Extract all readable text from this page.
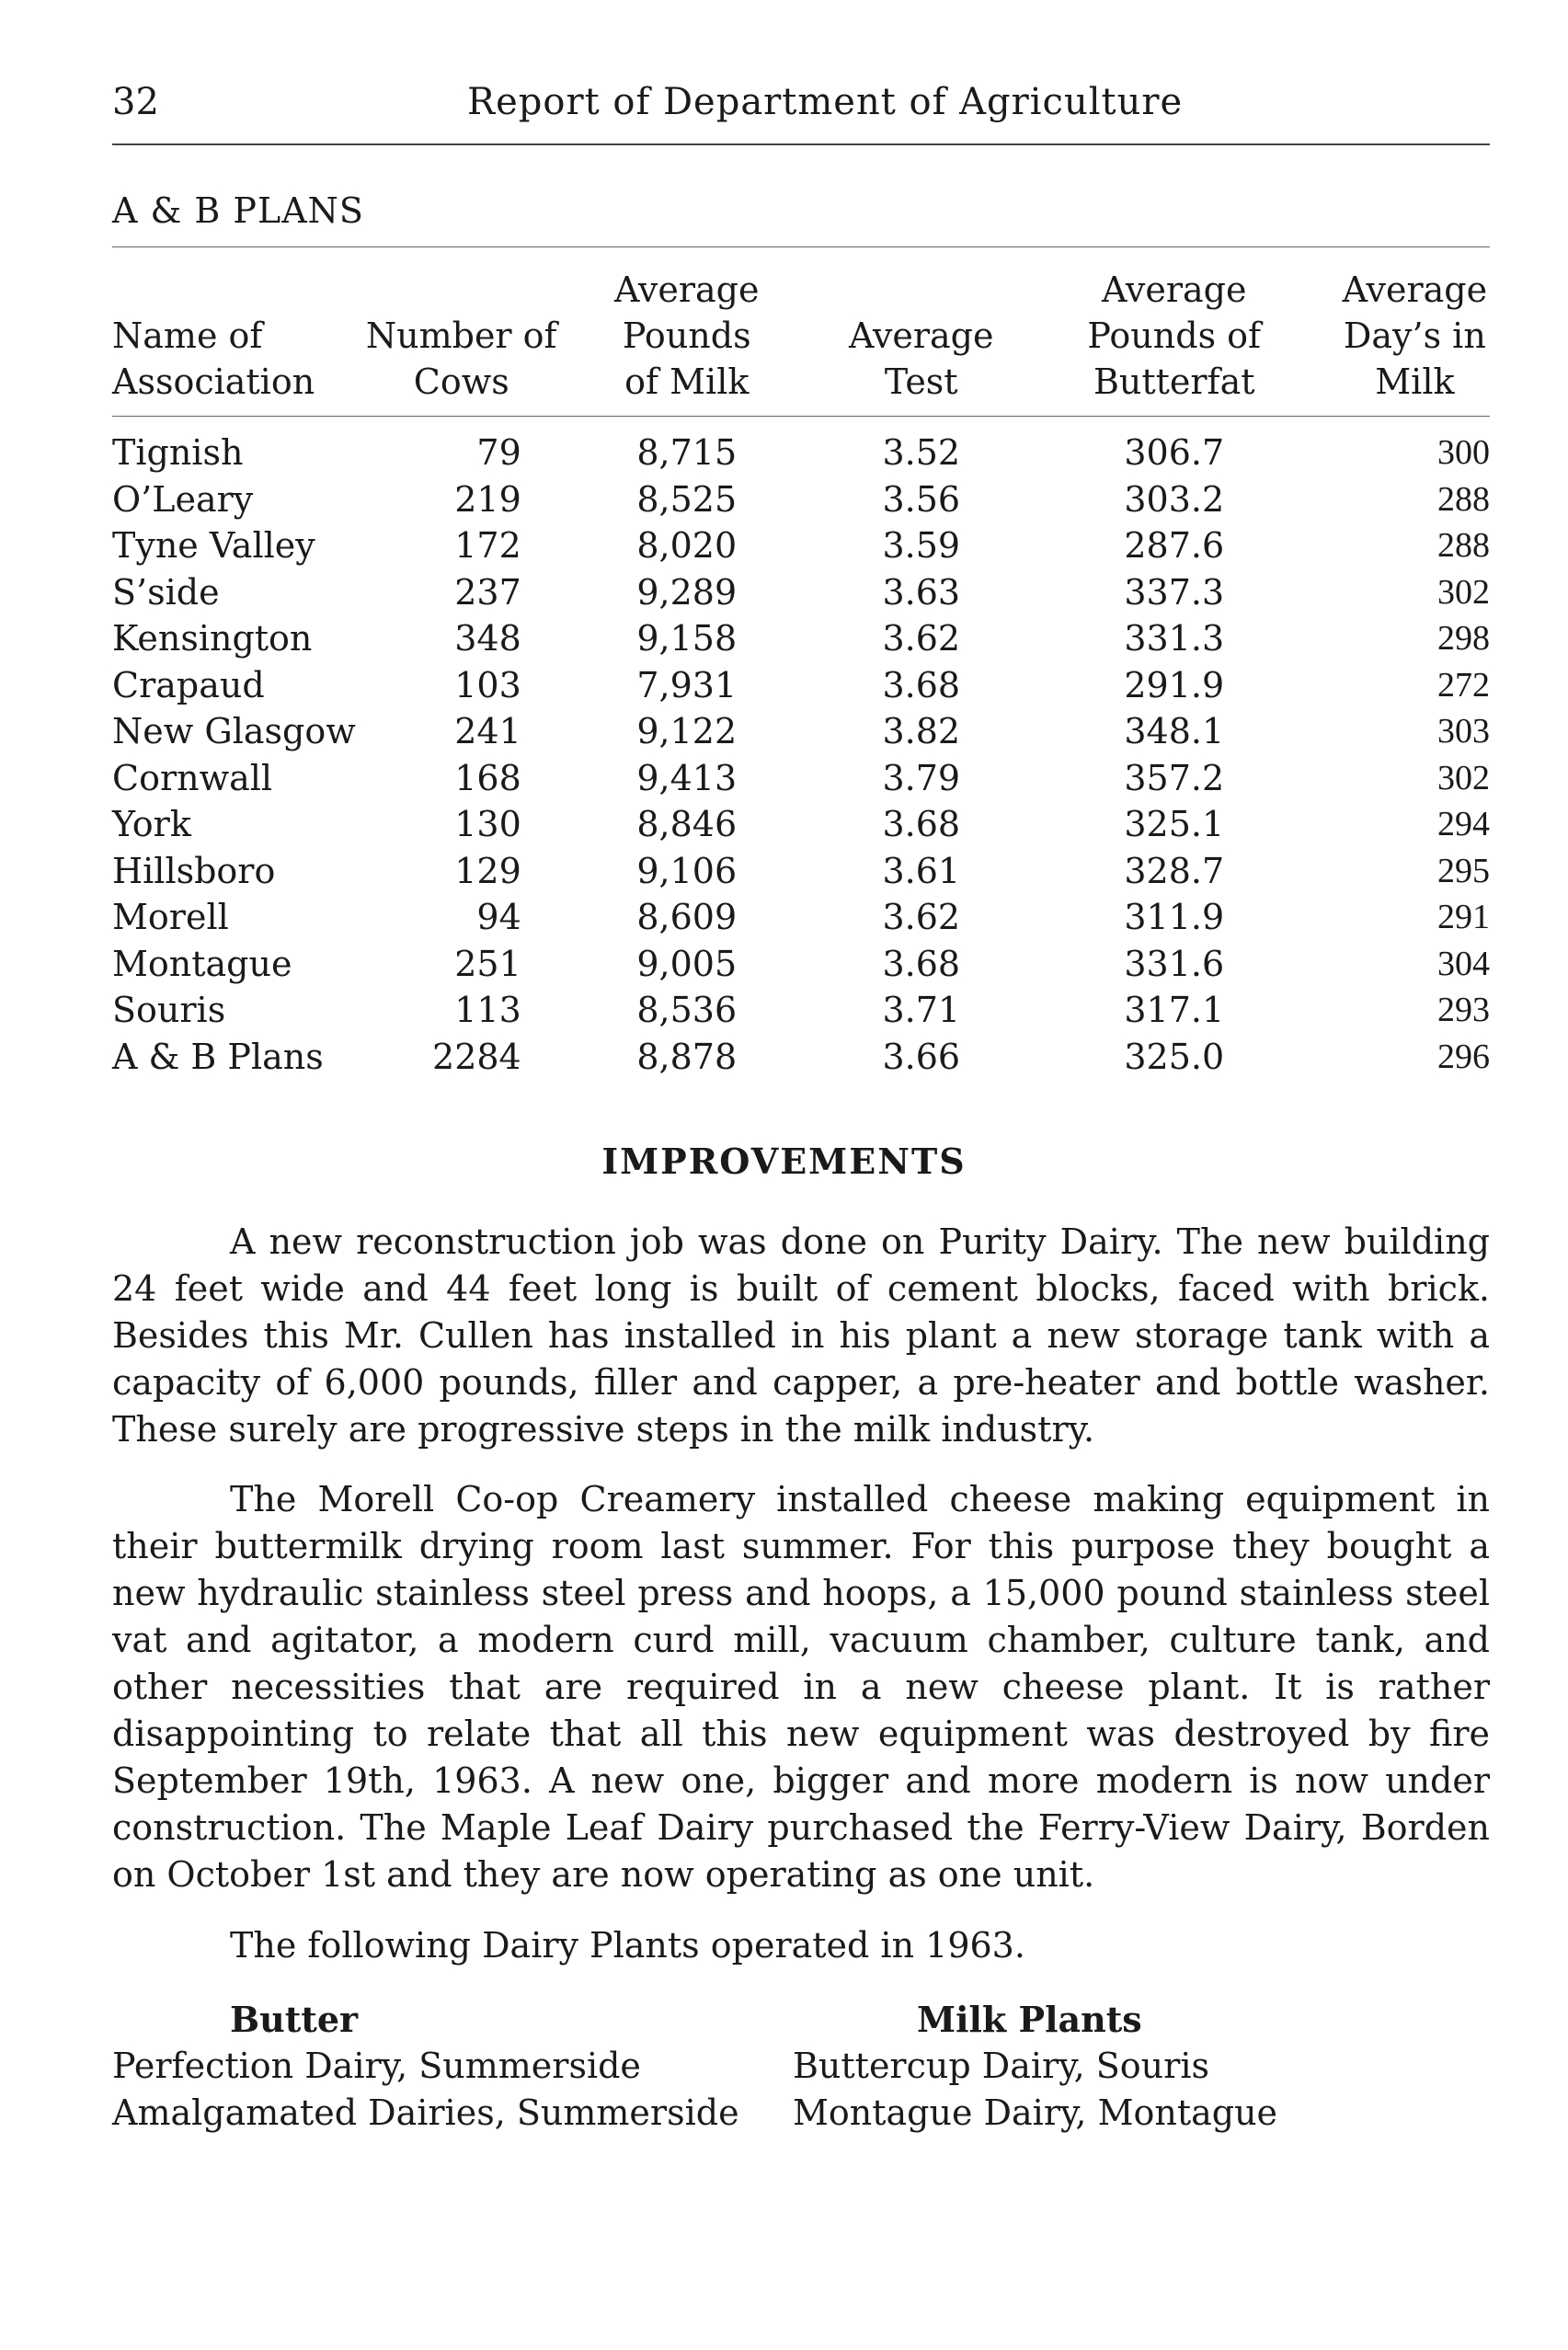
32	Report of Department of Agriculture
A & B PLANS
		Average		Average	Average
Name of	Number of	Pounds	Average	Pounds of	Day’s in
Association	Cows	of Milk	Test	Butterfat	Milk
Tignish	79	8,715	3.52	306.7	300
O’Leary	219	8,525	3.56	303.2	288
Tyne Valley	172	8,020	3.59	287.6	288
S’side	237	9,289	3.63	337.3	302
Kensington	348	9,158	3.62	331.3	298
Crapaud	103	7,931	3.68	291.9	272
New Glasgow	241	9,122	3.82	348.1	303
Cornwall	168	9,413	3.79	357.2	302
York	130	8,846	3.68	325.1	294
Hillsboro	129	9,106	3.61	328.7	295
Morell	94	8,609	3.62	311.9	291
Montague	251	9,005	3.68	331.6	304
Souris	113	8,536	3.71	317.1	293
A & B Plans	2284	8,878	3.66	325.0	296
IMPROVEMENTS

A new reconstruction job was done on Purity Dairy. The new building 24 feet wide and 44 feet long is built of cement blocks, faced with brick. Besides this Mr. Cullen has installed in his plant a new storage tank with a capacity of 6,000 pounds, filler and capper, a pre-heater and bottle washer. These surely are progressive steps in the milk industry.

The Morell Co-op Creamery installed cheese making equipment in their buttermilk drying room last summer. For this purpose they bought a new hydraulic stainless steel press and hoops, a 15,000 pound stainless steel vat and agitator, a modern curd mill, vacuum chamber, culture tank, and other necessities that are required in a new cheese plant. It is rather disappointing to relate that all this new equipment was destroyed by fire September 19th, 1963. A new one, bigger and more modern is now under construction. The Maple Leaf Dairy purchased the Ferry-View Dairy, Borden on October 1st and they are now operating as one unit.

The following Dairy Plants operated in 1963.

Butter
Perfection Dairy, Summerside
Amalgamated Dairies, Summerside
Milk Plants
Buttercup Dairy, Souris
Montague Dairy, Montague
